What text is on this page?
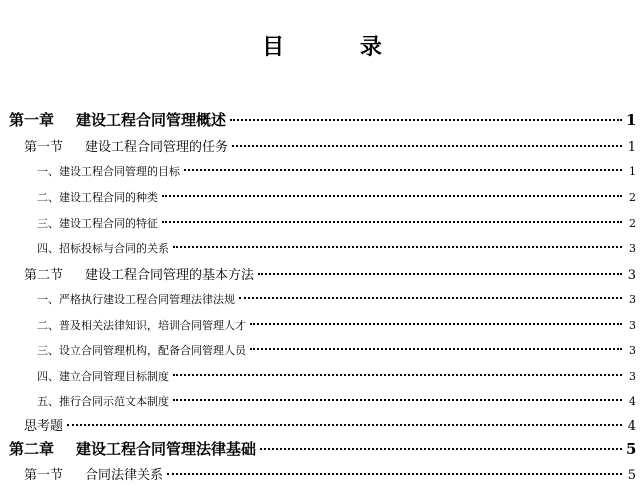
目 录
第一章 建设工程合同管理概述	1
第一节 建设工程合同管理的任务	1
一、建设工程合同管理的目标	1
二、建设工程合同的种类	2
三、建设工程合同的特征	2
四、招标投标与合同的关系	3
第二节 建设工程合同管理的基本方法	3
一、严格执行建设工程合同管理法律法规	3
二、普及相关法律知识，培训合同管理人才	3
三、设立合同管理机构，配备合同管理人员	3
四、建立合同管理目标制度	3
五、推行合同示范文本制度	4
思考题	4
第二章 建设工程合同管理法律基础	5
第一节 合同法律关系	5
